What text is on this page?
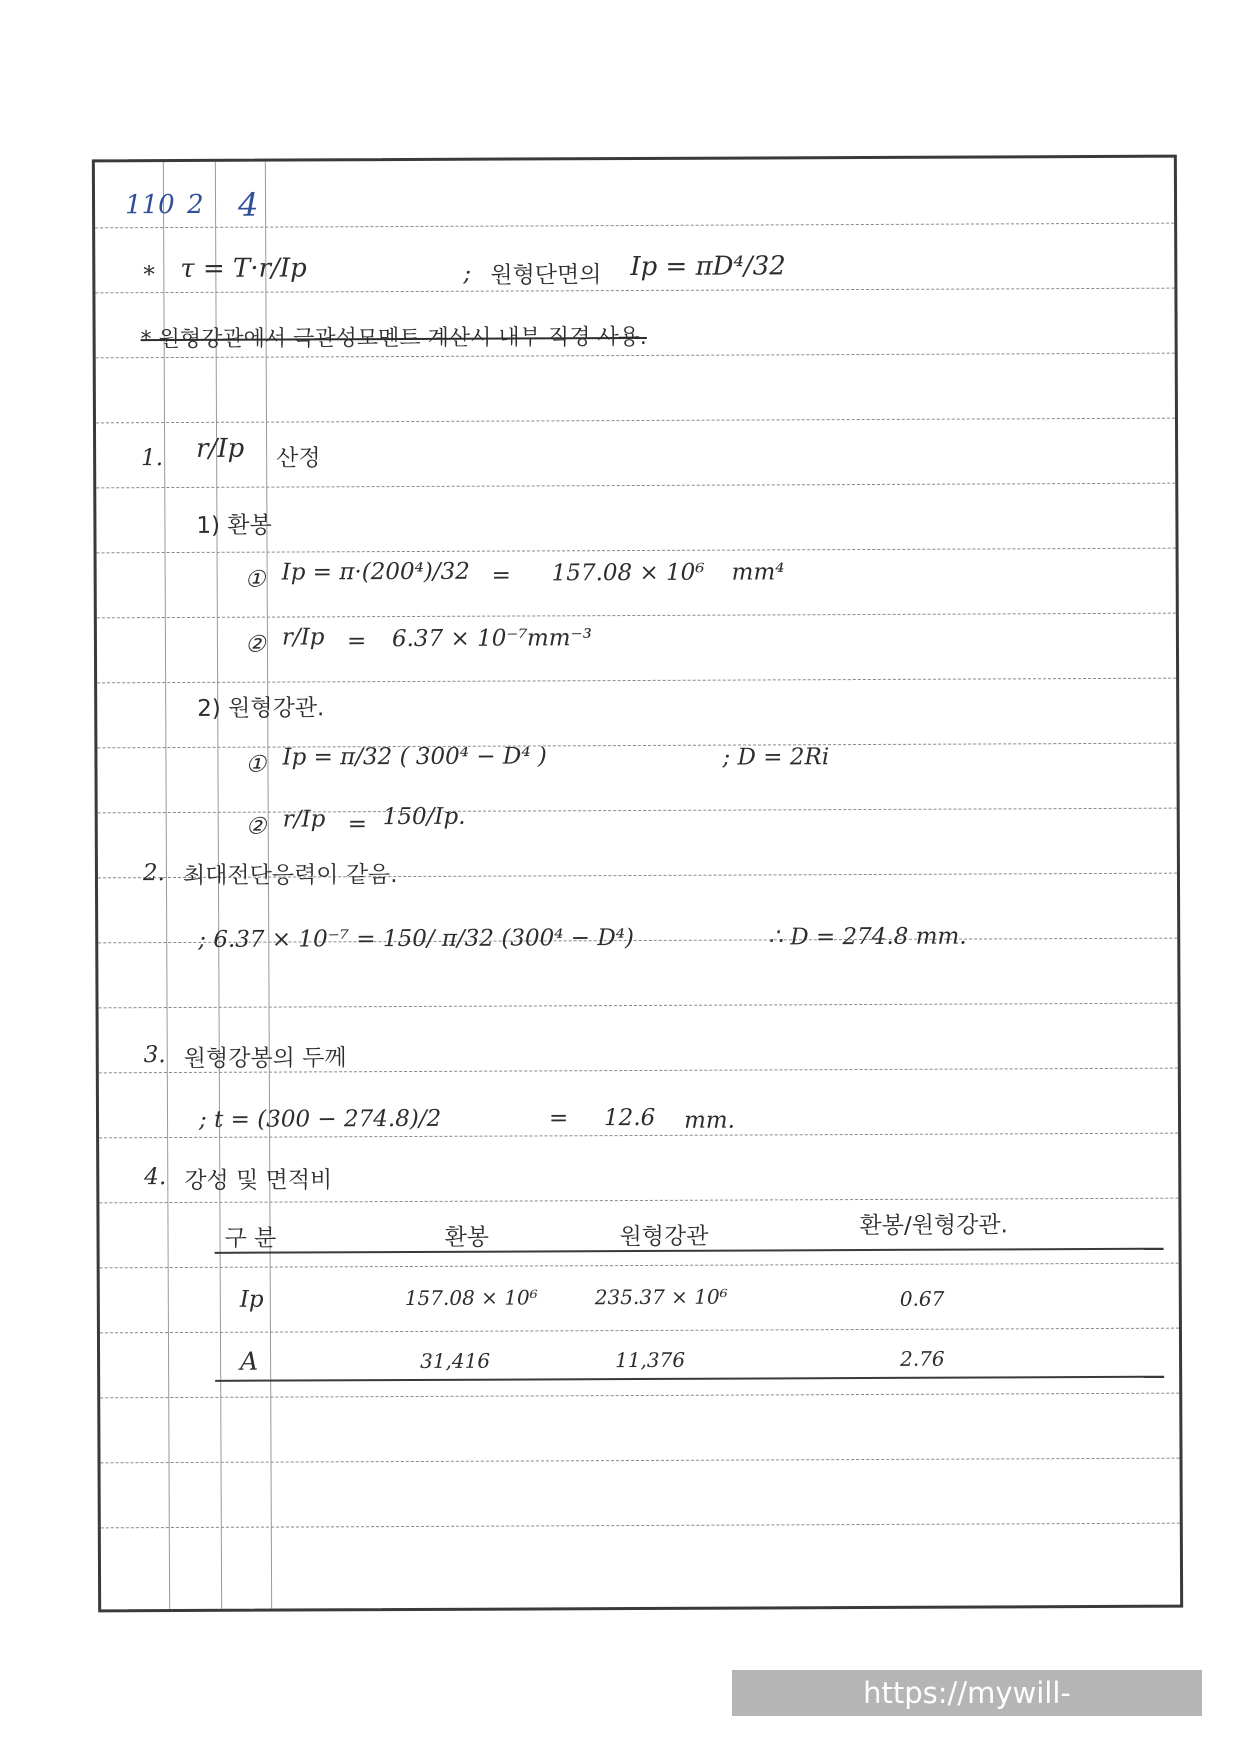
110 2 4
* τ = T·r/Ip	; 원형단면의 Ip = πD⁴/32
* 원형강관에서 극관성모멘트 계산시 내부 직경 사용.
1. r/Ip 산정
1) 환봉
① Ip = π·(200⁴)/32 = 157.08 × 10⁶ mm⁴
② r/Ip = 6.37 × 10⁻⁷ mm⁻³
2) 원형강관.
① Ip = π/32 ( 300⁴ − D⁴ )	; D = 2Ri
② r/Ip = 150/Ip.
2. 최대전단응력이 같음.
; 6.37 × 10⁻⁷ = 150/ π/32 (300⁴ − D⁴)	∴ D = 274.8 mm.
3. 원형강봉의 두께
; t = (300 − 274.8)/2	= 12.6 mm.
4. 강성 및 면적비
구 분	환봉	원형강관	환봉/원형강관.
Ip	157.08 × 10⁶	235.37 × 10⁶	0.67
A	31,416	11,376	2.76
https://mywill-engineer.tistory.com
